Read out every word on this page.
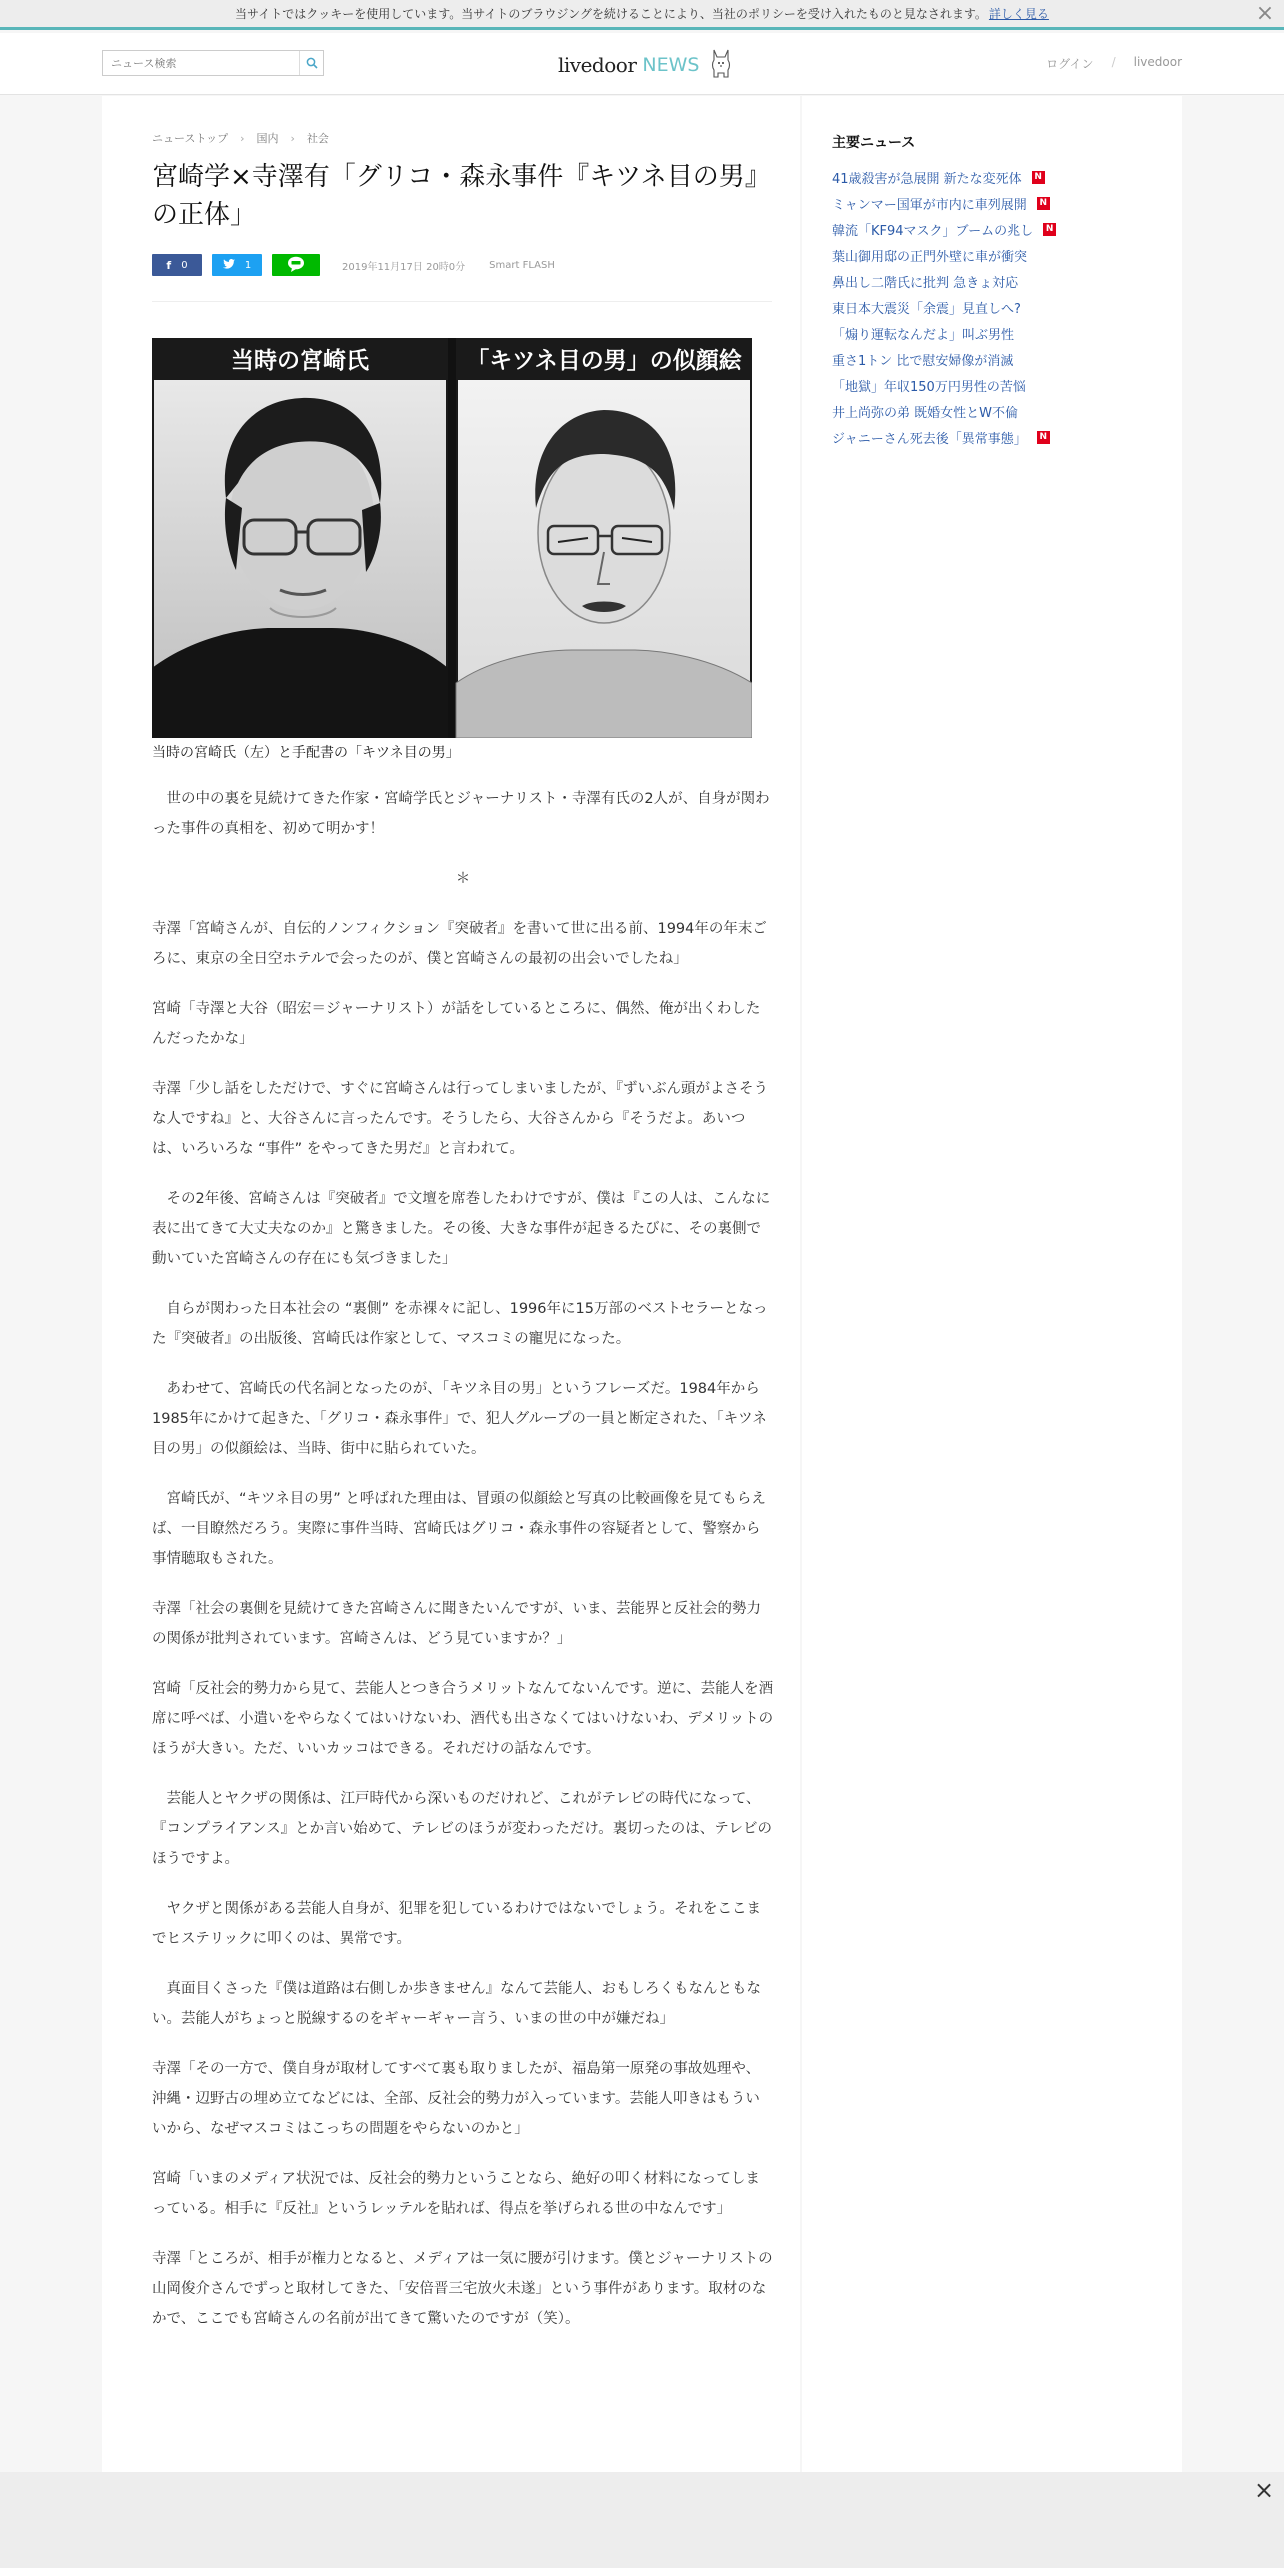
当サイトではクッキーを使用しています。当サイトのブラウジングを続けることにより、当社のポリシーを受け入れたものと見なされます。 詳しく見る	×
ニュース検索
livedoor NEWS	ログイン / livedoor
ニューストップ › 国内 › 社会
宮崎学×寺澤有「グリコ・森永事件『キツネ目の男』の正体」
f 0	1	2019年11月17日 20時0分 Smart FLASH
当時の宮崎氏	「キツネ目の男」の似顔絵
当時の宮崎氏（左）と手配書の「キツネ目の男」

　世の中の裏を見続けてきた作家・宮崎学氏とジャーナリスト・寺澤有氏の2人が、自身が関わった事件の真相を、初めて明かす！

＊

寺澤「宮崎さんが、自伝的ノンフィクション『突破者』を書いて世に出る前、1994年の年末ごろに、東京の全日空ホテルで会ったのが、僕と宮崎さんの最初の出会いでしたね」

宮崎「寺澤と大谷（昭宏＝ジャーナリスト）が話をしているところに、偶然、俺が出くわしたんだったかな」

寺澤「少し話をしただけで、すぐに宮崎さんは行ってしまいましたが、『ずいぶん頭がよさそうな人ですね』と、大谷さんに言ったんです。そうしたら、大谷さんから『そうだよ。あいつは、いろいろな “事件” をやってきた男だ』と言われて。

　その2年後、宮崎さんは『突破者』で文壇を席巻したわけですが、僕は『この人は、こんなに表に出てきて大丈夫なのか』と驚きました。その後、大きな事件が起きるたびに、その裏側で動いていた宮崎さんの存在にも気づきました」

　自らが関わった日本社会の “裏側” を赤裸々に記し、1996年に15万部のベストセラーとなった『突破者』の出版後、宮崎氏は作家として、マスコミの寵児になった。

　あわせて、宮崎氏の代名詞となったのが、「キツネ目の男」というフレーズだ。1984年から1985年にかけて起きた、「グリコ・森永事件」で、犯人グループの一員と断定された、「キツネ目の男」の似顔絵は、当時、街中に貼られていた。

　宮崎氏が、“キツネ目の男” と呼ばれた理由は、冒頭の似顔絵と写真の比較画像を見てもらえば、一目瞭然だろう。実際に事件当時、宮崎氏はグリコ・森永事件の容疑者として、警察から事情聴取もされた。

寺澤「社会の裏側を見続けてきた宮崎さんに聞きたいんですが、いま、芸能界と反社会的勢力の関係が批判されています。宮崎さんは、どう見ていますか？」

宮崎「反社会的勢力から見て、芸能人とつき合うメリットなんてないんです。逆に、芸能人を酒席に呼べば、小遣いをやらなくてはいけないわ、酒代も出さなくてはいけないわ、デメリットのほうが大きい。ただ、いいカッコはできる。それだけの話なんです。

　芸能人とヤクザの関係は、江戸時代から深いものだけれど、これがテレビの時代になって、『コンプライアンス』とか言い始めて、テレビのほうが変わっただけ。裏切ったのは、テレビのほうですよ。

　ヤクザと関係がある芸能人自身が、犯罪を犯しているわけではないでしょう。それをここまでヒステリックに叩くのは、異常です。

　真面目くさった『僕は道路は右側しか歩きません』なんて芸能人、おもしろくもなんともない。芸能人がちょっと脱線するのをギャーギャー言う、いまの世の中が嫌だね」

寺澤「その一方で、僕自身が取材してすべて裏も取りましたが、福島第一原発の事故処理や、沖縄・辺野古の埋め立てなどには、全部、反社会的勢力が入っています。芸能人叩きはもういいから、なぜマスコミはこっちの問題をやらないのかと」

宮崎「いまのメディア状況では、反社会的勢力ということなら、絶好の叩く材料になってしまっている。相手に『反社』というレッテルを貼れば、得点を挙げられる世の中なんです」

寺澤「ところが、相手が権力となると、メディアは一気に腰が引けます。僕とジャーナリストの山岡俊介さんでずっと取材してきた、「安倍晋三宅放火未遂」という事件があります。取材のなかで、ここでも宮崎さんの名前が出てきて驚いたのですが（笑）。

主要ニュース
41歳殺害が急展開 新たな変死体	N
ミャンマー国軍が市内に車列展開	N
韓流「KF94マスク」ブームの兆し	N
葉山御用邸の正門外壁に車が衝突
鼻出し二階氏に批判 急きょ対応
東日本大震災「余震」見直しへ?
「煽り運転なんだよ」叫ぶ男性
重さ1トン 比で慰安婦像が消滅
「地獄」年収150万円男性の苦悩
井上尚弥の弟 既婚女性とW不倫
ジャニーさん死去後「異常事態」	N
×
